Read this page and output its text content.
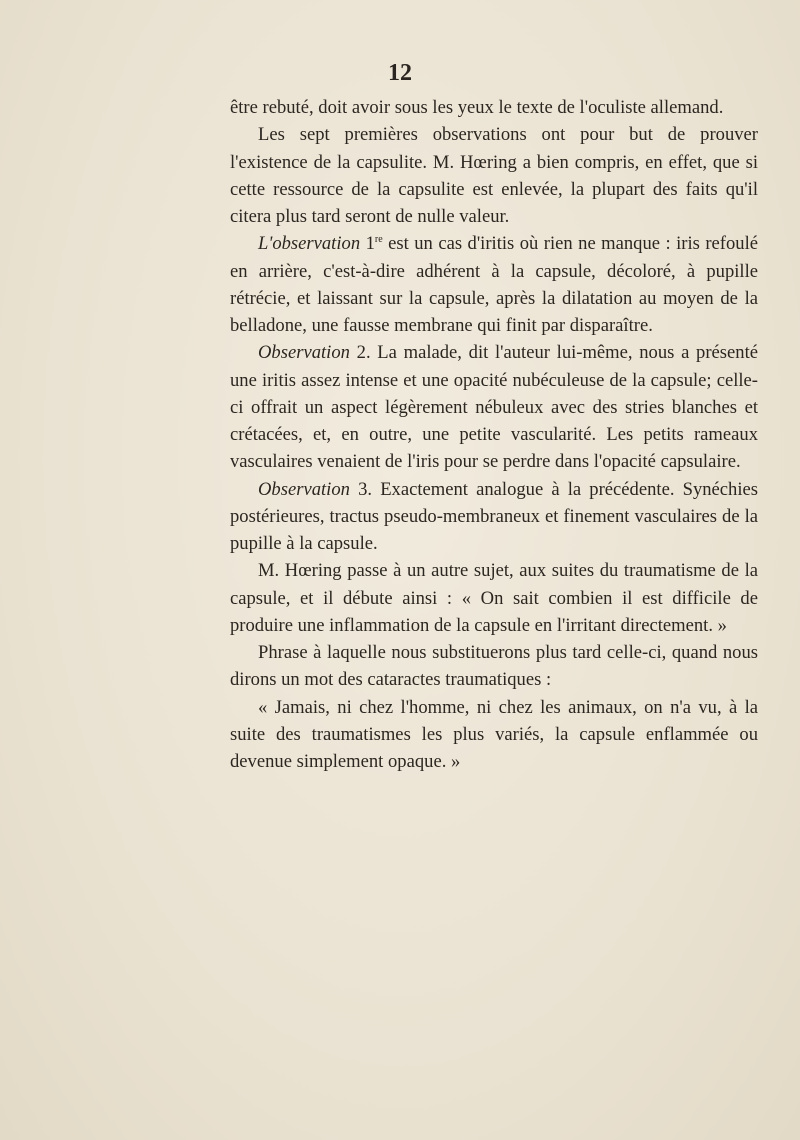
12

être rebuté, doit avoir sous les yeux le texte de l'oculiste allemand.

Les sept premières observations ont pour but de prouver l'existence de la capsulite. M. Hœring a bien compris, en effet, que si cette ressource de la capsulite est enlevée, la plupart des faits qu'il citera plus tard seront de nulle valeur.

L'observation 1re est un cas d'iritis où rien ne manque : iris refoulé en arrière, c'est-à-dire adhérent à la capsule, décoloré, à pupille rétrécie, et laissant sur la capsule, après la dilatation au moyen de la belladone, une fausse membrane qui finit par disparaître.

Observation 2. La malade, dit l'auteur lui-même, nous a présenté une iritis assez intense et une opacité nubéculeuse de la capsule; celle-ci offrait un aspect légèrement nébuleux avec des stries blanches et crétacées, et, en outre, une petite vascularité. Les petits rameaux vasculaires venaient de l'iris pour se perdre dans l'opacité capsulaire.

Observation 3. Exactement analogue à la précédente. Synéchies postérieures, tractus pseudo-membraneux et finement vasculaires de la pupille à la capsule.

M. Hœring passe à un autre sujet, aux suites du traumatisme de la capsule, et il débute ainsi : « On sait combien il est difficile de produire une inflammation de la capsule en l'irritant directement. »

Phrase à laquelle nous substituerons plus tard celle-ci, quand nous dirons un mot des cataractes traumatiques :

« Jamais, ni chez l'homme, ni chez les animaux, on n'a vu, à la suite des traumatismes les plus variés, la capsule enflammée ou devenue simplement opaque. »
